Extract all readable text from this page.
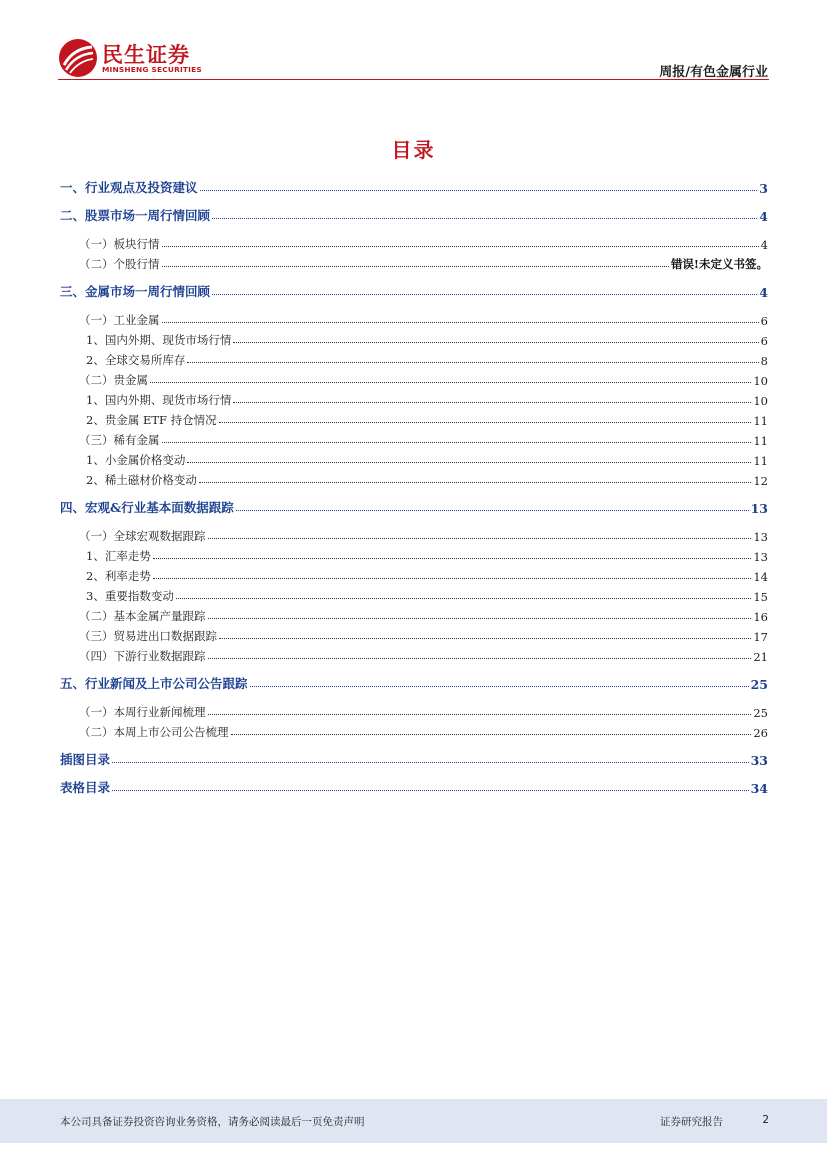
民生证券
MINSHENG SECURITIES	周报/有色金属行业
目录
一、行业观点及投资建议	3
二、股票市场一周行情回顾	4
（一）板块行情	4
（二）个股行情	错误!未定义书签。
三、金属市场一周行情回顾	4
（一）工业金属	6
1、国内外期、现货市场行情	6
2、全球交易所库存	8
（二）贵金属	10
1、国内外期、现货市场行情	10
2、贵金属 ETF 持仓情况	11
（三）稀有金属	11
1、小金属价格变动	11
2、稀土磁材价格变动	12
四、宏观&行业基本面数据跟踪	13
（一）全球宏观数据跟踪	13
1、汇率走势	13
2、利率走势	14
3、重要指数变动	15
（二）基本金属产量跟踪	16
（三）贸易进出口数据跟踪	17
（四）下游行业数据跟踪	21
五、行业新闻及上市公司公告跟踪	25
（一）本周行业新闻梳理	25
（二）本周上市公司公告梳理	26
插图目录	33
表格目录	34
本公司具备证券投资咨询业务资格，请务必阅读最后一页免责声明	证券研究报告	2
